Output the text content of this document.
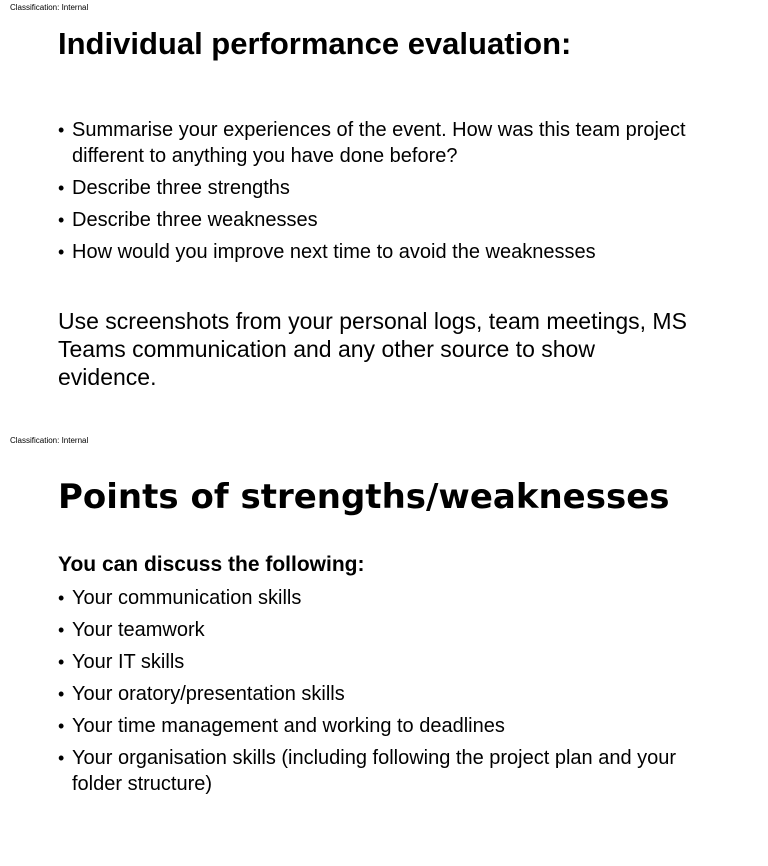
Classification: Internal
Individual performance evaluation:
• Summarise your experiences of the event. How was this team project different to anything you have done before?
• Describe three strengths
• Describe three weaknesses
• How would you improve next time to avoid the weaknesses

Use screenshots from your personal logs, team meetings, MS Teams communication and any other source to show evidence.

Classification: Internal
Points of strengths/weaknesses

You can discuss the following:

• Your communication skills
• Your teamwork
• Your IT skills
• Your oratory/presentation skills
• Your time management and working to deadlines
• Your organisation skills (including following the project plan and your folder structure)
